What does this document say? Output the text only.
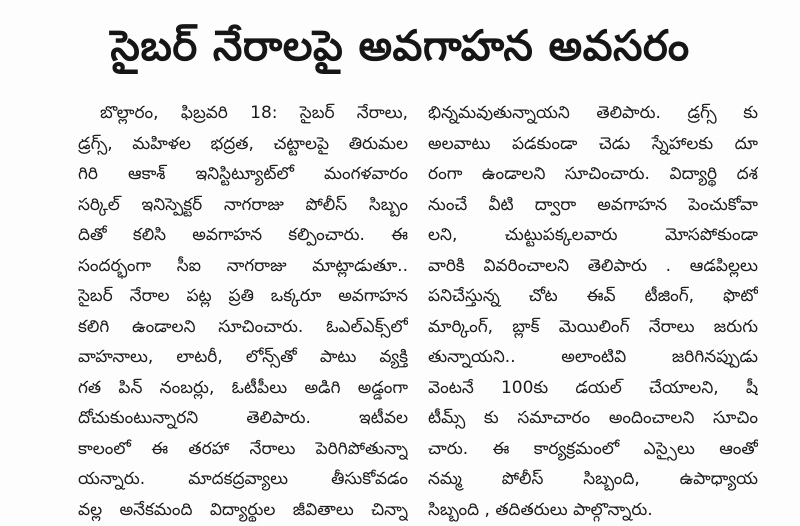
సైబర్ నేరాలపై అవగాహన అవసరం
బొల్లారం, ఫిబ్రవరి 18: సైబర్ నేరాలు,
డ్రగ్స్, మహిళల భద్రత, చట్టాలపై తిరుమల
గిరి ఆకాశ్ ఇనిస్టిట్యూట్‌లో మంగళవారం
సర్కిల్ ఇనిస్పెక్టర్ నాగరాజు పోలీస్ సిబ్బం
దితో కలిసి అవగాహన కల్పించారు. ఈ
సందర్భంగా సీఐ నాగరాజు మాట్లాడుతూ..
సైబర్ నేరాల పట్ల ప్రతి ఒక్కరూ అవగాహన
కలిగి ఉండాలని సూచించారు. ఓఎల్ఎక్స్‌లో
వాహనాలు, లాటరీ, లోన్స్‌తో పాటు వ్యక్తి
గత పిన్ నంబర్లు, ఓటీపీలు అడిగి అడ్డంగా
దోచుకుంటున్నారని తెలిపారు. ఇటీవల
కాలంలో ఈ తరహా నేరాలు పెరిగిపోతున్నా
యన్నారు. మాదకద్రవ్యాలు తీసుకోవడం
వల్ల అనేకమంది విద్యార్థుల జీవితాలు చిన్నా
భిన్నమవుతున్నాయని తెలిపారు. డ్రగ్స్ కు
అలవాటు పడకుండా చెడు స్నేహాలకు దూ
రంగా ఉండాలని సూచించారు. విద్యార్థి దశ
నుంచే వీటి ద్వారా అవగాహన పెంచుకోవా
లని, చుట్టుపక్కలవారు మోసపోకుండా
వారికి వివరించాలని తెలిపారు . ఆడపిల్లలు
పనిచేస్తున్న చోట ఈవ్ టీజింగ్, ఫొటో
మార్కింగ్, బ్లాక్ మెయిలింగ్ నేరాలు జరుగు
తున్నాయని.. అలాంటివి జరిగినప్పుడు
వెంటనే 100కు డయల్ చేయాలని, షీ
టీమ్స్ కు సమాచారం అందించాలని సూచిం
చారు. ఈ కార్యక్రమంలో ఎస్సైలు ఆంతో
నమ్మ పోలీస్ సిబ్బంది, ఉపాధ్యాయ
సిబ్బంది , తదితరులు పాల్గొన్నారు.
